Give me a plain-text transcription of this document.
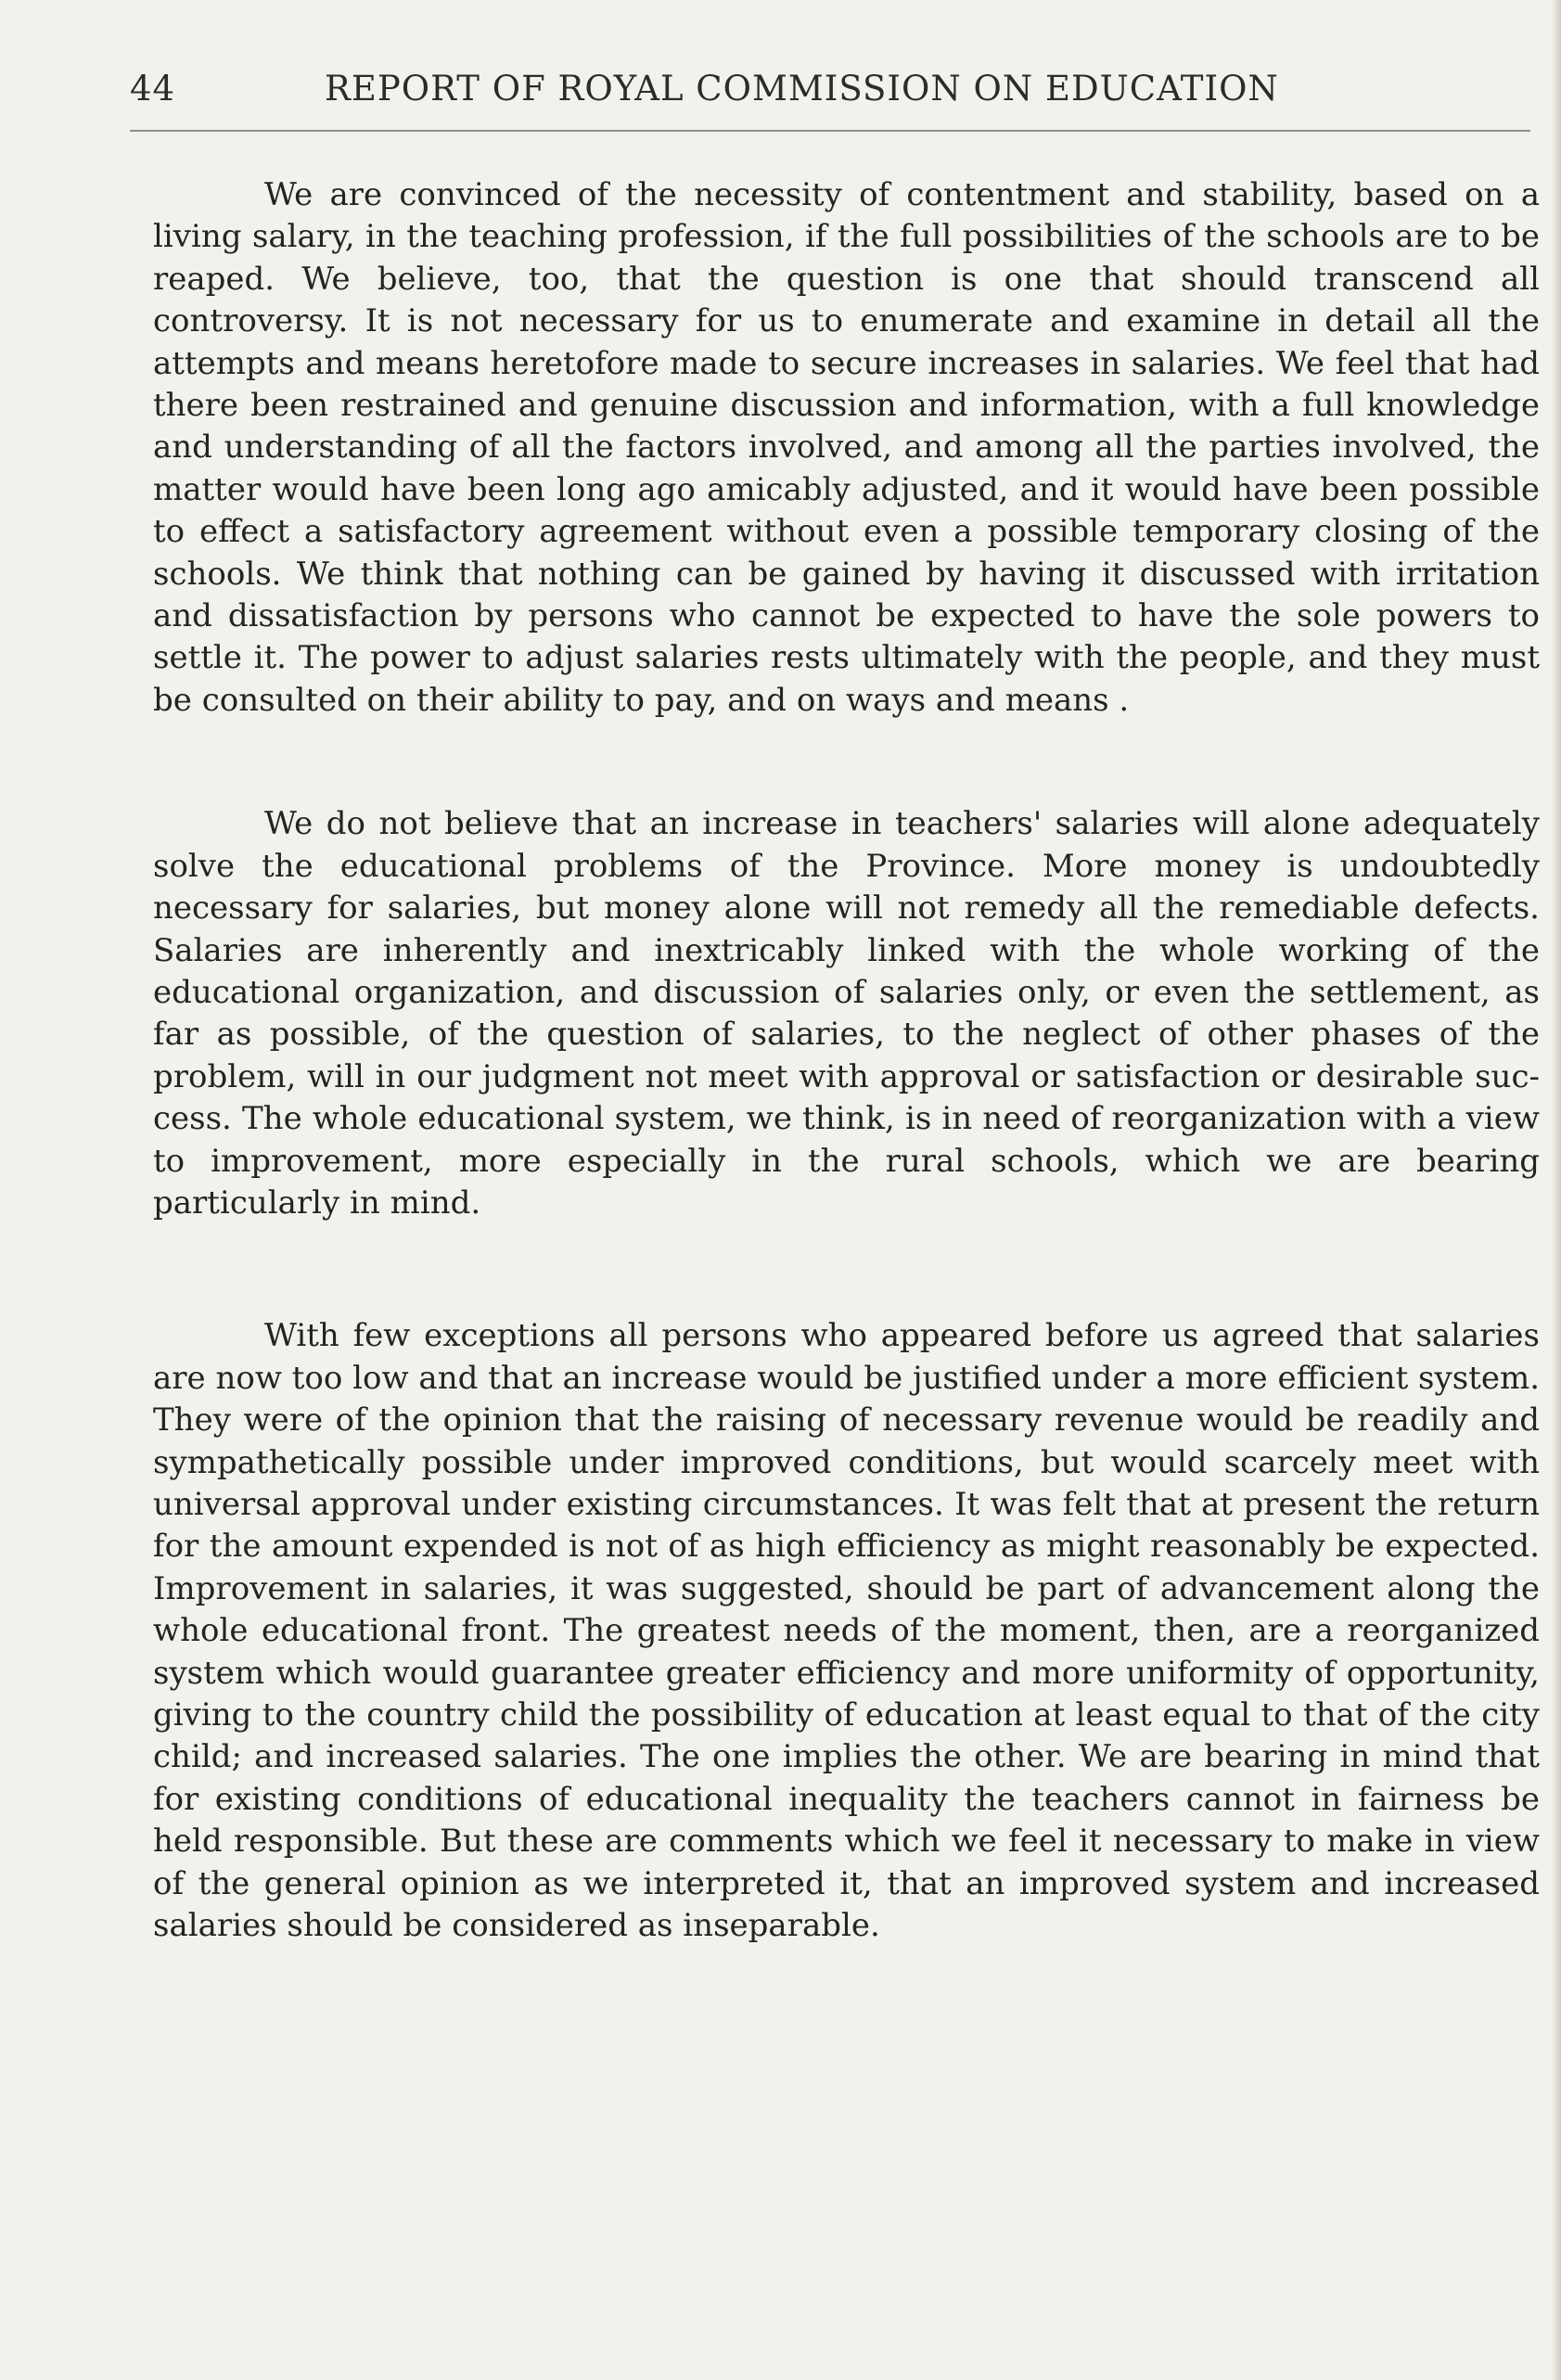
44	REPORT OF ROYAL COMMISSION ON EDUCATION

We are convinced of the necessity of contentment and stability, based on a living salary, in the teaching profession, if the full possibilities of the schools are to be reaped. We believe, too, that the question is one that should transcend all controversy. It is not necessary for us to enumerate and examine in detail all the attempts and means heretofore made to secure increases in salaries. We feel that had there been restrained and genuine discussion and information, with a full knowledge and understanding of all the factors involved, and among all the parties involved, the matter would have been long ago amicably adjusted, and it would have been possible to effect a satisfactory agreement without even a possible temporary closing of the schools. We think that nothing can be gained by having it discussed with irritation and dissatisfaction by persons who cannot be expected to have the sole powers to settle it. The power to adjust salaries rests ultimately with the people, and they must be consulted on their ability to pay, and on ways and means .

We do not believe that an increase in teachers' salaries will alone adequately solve the educational problems of the Province. More money is undoubtedly necessary for salaries, but money alone will not remedy all the remediable defects. Salaries are inherently and inextricably linked with the whole working of the educational organization, and discussion of salaries only, or even the settlement, as far as possible, of the question of salaries, to the neglect of other phases of the problem, will in our judgment not meet with approval or satisfaction or desirable success. The whole educational system, we think, is in need of reorganization with a view to improvement, more especially in the rural schools, which we are bearing particularly in mind.

With few exceptions all persons who appeared before us agreed that salaries are now too low and that an increase would be justified under a more efficient system. They were of the opinion that the raising of necessary revenue would be readily and sympathetically possible under improved conditions, but would scarcely meet with universal approval under existing circumstances. It was felt that at present the return for the amount expended is not of as high efficiency as might reasonably be expected. Improvement in salaries, it was suggested, should be part of advancement along the whole educational front. The greatest needs of the moment, then, are a reorganized system which would guarantee greater efficiency and more uniformity of opportunity, giving to the country child the possibility of education at least equal to that of the city child; and increased salaries. The one implies the other. We are bearing in mind that for existing conditions of educational inequality the teachers cannot in fairness be held responsible. But these are comments which we feel it necessary to make in view of the general opinion as we interpreted it, that an improved system and increased salaries should be considered as inseparable.
